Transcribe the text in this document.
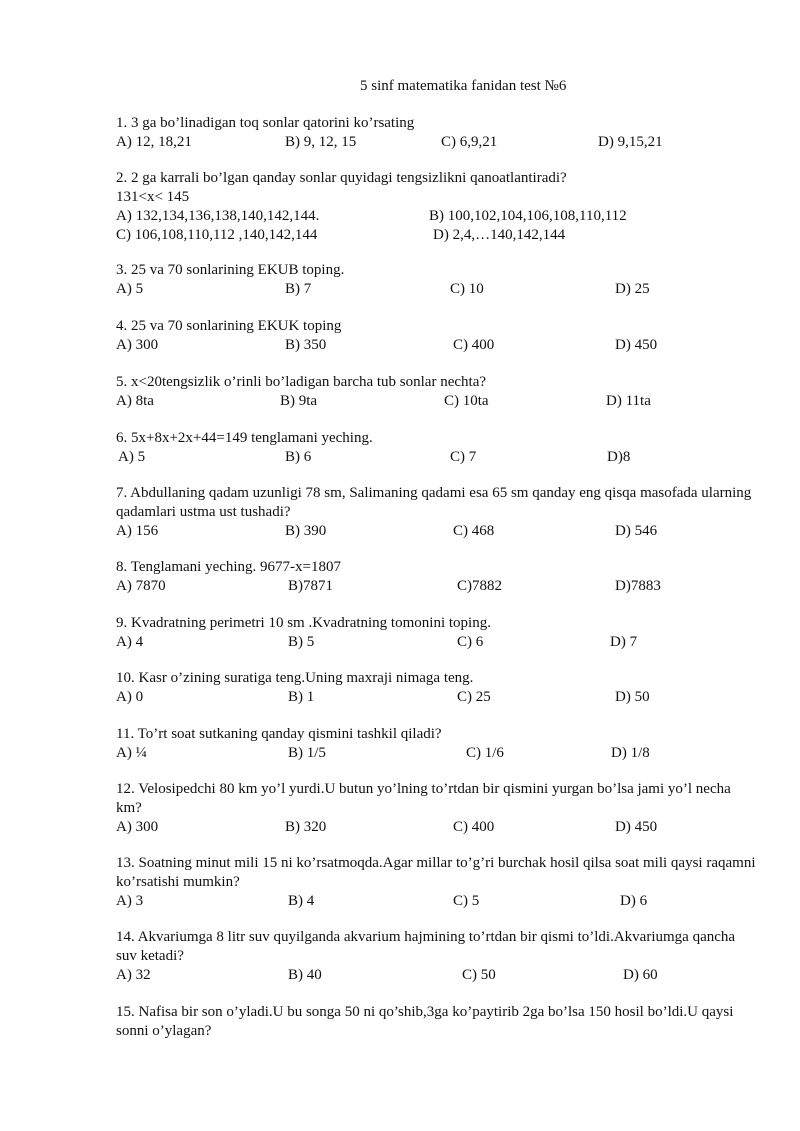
5 sinf matematika fanidan test №6
1. 3 ga bo’linadigan toq sonlar qatorini ko’rsating
A) 12, 18,21	B) 9, 12, 15	C) 6,9,21	D) 9,15,21
2. 2 ga karrali bo’lgan qanday sonlar quyidagi tengsizlikni qanoatlantiradi?
131<x< 145
A) 132,134,136,138,140,142,144.	B) 100,102,104,106,108,110,112
C) 106,108,110,112 ,140,142,144	D) 2,4,…140,142,144
3. 25 va 70 sonlarining EKUB toping.
A) 5	B) 7	C) 10	D) 25
4. 25 va 70 sonlarining EKUK toping
A) 300	B) 350	C) 400	D) 450
5. x<20tengsizlik o’rinli bo’ladigan barcha tub sonlar nechta?
A) 8ta	B) 9ta	C) 10ta	D) 11ta
6. 5x+8x+2x+44=149 tenglamani yeching.
A) 5	B) 6	C) 7	D)8
7. Abdullaning qadam uzunligi 78 sm, Salimaning qadami esa 65 sm qanday eng qisqa masofada ularning qadamlari ustma ust tushadi?
A) 156	B) 390	C) 468	D) 546
8. Tenglamani yeching. 9677-x=1807
A) 7870	B)7871	C)7882	D)7883
9. Kvadratning perimetri 10 sm .Kvadratning tomonini toping.
A) 4	B) 5	C) 6	D) 7
10. Kasr o’zining suratiga teng.Uning maxraji nimaga teng.
A) 0	B) 1	C) 25	D) 50
11. To’rt soat sutkaning qanday qismini tashkil qiladi?
A) ¼	B) 1/5	C) 1/6	D) 1/8
12. Velosipedchi 80 km yo’l yurdi.U butun yo’lning to’rtdan bir qismini yurgan bo’lsa jami yo’l necha km?
A) 300	B) 320	C) 400	D) 450
13. Soatning minut mili 15 ni ko’rsatmoqda.Agar millar to’g’ri burchak hosil qilsa soat mili qaysi raqamni ko’rsatishi mumkin?
A) 3	B) 4	C) 5	D) 6
14. Akvariumga 8 litr suv quyilganda akvarium hajmining to’rtdan bir qismi to’ldi.Akvariumga qancha suv ketadi?
A) 32	B) 40	C) 50	D) 60
15. Nafisa bir son o’yladi.U bu songa 50 ni qo’shib,3ga ko’paytirib 2ga bo’lsa 150 hosil bo’ldi.U qaysi sonni o’ylagan?
